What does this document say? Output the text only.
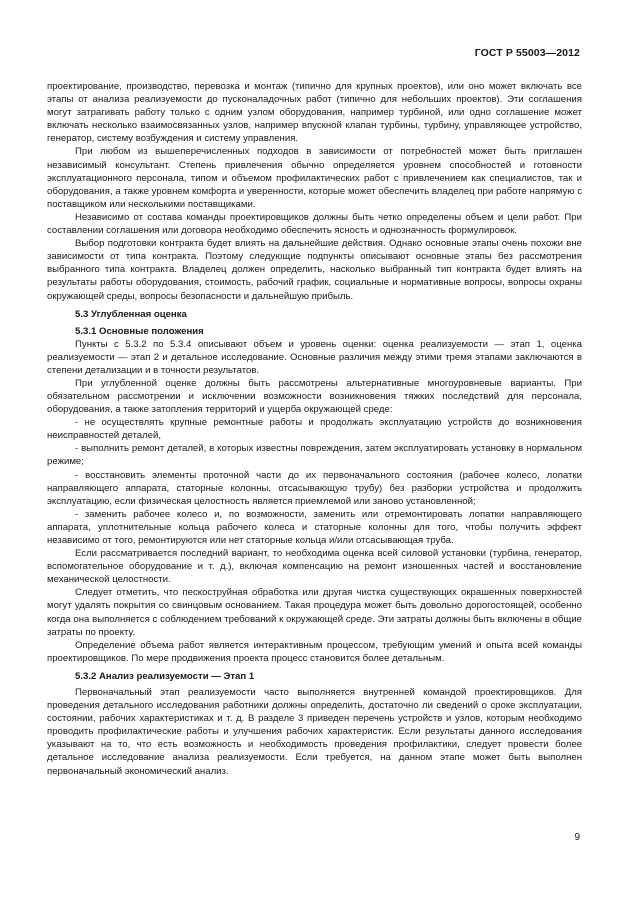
ГОСТ Р 55003—2012

проектирование, производство, перевозка и монтаж (типично для крупных проектов), или оно может включать все этапы от анализа реализуемости до пусконаладочных работ (типично для небольших проектов). Эти соглашения могут затрагивать работу только с одним узлом оборудования, например турбиной, или одно соглашение может включать несколько взаимосвязанных узлов, например впускной клапан турбины, турбину, управляющее устройство, генератор, систему возбуждения и систему управления.

При любом из вышеперечисленных подходов в зависимости от потребностей может быть приглашен независимый консультант. Степень привлечения обычно определяется уровнем способностей и готовности эксплуатационного персонала, типом и объемом профилактических работ с привлечением как специалистов, так и оборудования, а также уровнем комфорта и уверенности, которые может обеспечить владелец при работе напрямую с поставщиком или несколькими поставщиками.

Независимо от состава команды проектировщиков должны быть четко определены объем и цели работ. При составлении соглашения или договора необходимо обеспечить ясность и однозначность формулировок.

Выбор подготовки контракта будет влиять на дальнейшие действия. Однако основные этапы очень похожи вне зависимости от типа контракта. Поэтому следующие подпункты описывают основные этапы без рассмотрения выбранного типа контракта. Владелец должен определить, насколько выбранный тип контракта будет влиять на результаты работы оборудования, стоимость, рабочий график, социальные и нормативные вопросы, вопросы охраны окружающей среды, вопросы безопасности и дальнейшую прибыль.

5.3 Углубленная оценка
5.3.1 Основные положения

Пункты с 5.3.2 по 5.3.4 описывают объем и уровень оценки: оценка реализуемости — этап 1, оценка реализуемости — этап 2 и детальное исследование. Основные различия между этими тремя этапами заключаются в степени детализации и в точности результатов.

При углубленной оценке должны быть рассмотрены альтернативные многоуровневые варианты. При обязательном рассмотрении и исключении возможности возникновения тяжких последствий для персонала, оборудования, а также затопления территорий и ущерба окружающей среде:

- не осуществлять крупные ремонтные работы и продолжать эксплуатацию устройств до возникновения неисправностей деталей,

- выполнить ремонт деталей, в которых известны повреждения, затем эксплуатировать установку в нормальном режиме;

- восстановить элементы проточной части до их первоначального состояния (рабочее колесо, лопатки направляющего аппарата, статорные колонны, отсасывающую трубу) без разборки устройства и продолжить эксплуатацию, если физическая целостность является приемлемой или заново установленной;

- заменить рабочее колесо и, по возможности, заменить или отремонтировать лопатки направляющего аппарата, уплотнительные кольца рабочего колеса и статорные колонны для того, чтобы получить эффект независимо от того, ремонтируются или нет статорные кольца и/или отсасывающая труба.

Если рассматривается последний вариант, то необходима оценка всей силовой установки (турбина, генератор, вспомогательное оборудование и т. д.), включая компенсацию на ремонт изношенных частей и восстановление механической целостности.

Следует отметить, что пескоструйная обработка или другая чистка существующих окрашенных поверхностей могут удалять покрытия со свинцовым основанием. Такая процедура может быть довольно дорогостоящей, особенно когда она выполняется с соблюдением требований к окружающей среде. Эти затраты должны быть включены в общие затраты по проекту.

Определение объема работ является интерактивным процессом, требующим умений и опыта всей команды проектировщиков. По мере продвижения проекта процесс становится более детальным.

5.3.2 Анализ реализуемости — Этап 1

Первоначальный этап реализуемости часто выполняется внутренней командой проектировщиков. Для проведения детального исследования работники должны определить, достаточно ли сведений о сроке эксплуатации, состоянии, рабочих характеристиках и т. д. В разделе 3 приведен перечень устройств и узлов, которым необходимо проводить профилактические работы и улучшения рабочих характеристик. Если результаты данного исследования указывают на то, что есть возможность и необходимость проведения профилактики, следует провести более детальное исследование анализа реализуемости. Если требуется, на данном этапе может быть выполнен первоначальный экономический анализ.

9
